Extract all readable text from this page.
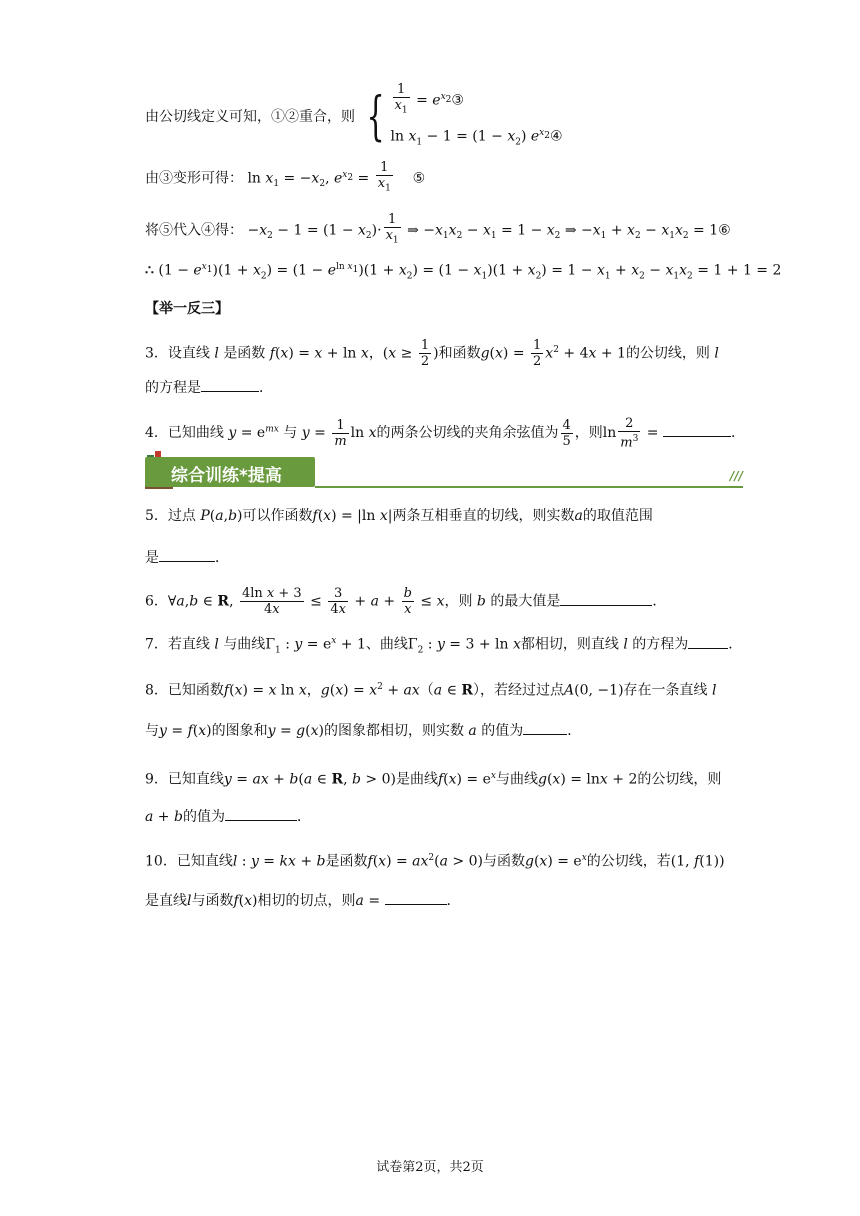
由公切线定义可知，①②重合，则 { $\frac{1}{x_1}$ = $e^{x_2}③$
$\ln x_1 - 1 = (1 - x_2)$ $e^{x_2}④$
由③变形可得： $\ln x_1 = -x_2$, $e^{x_2} = \frac{1}{x_1}$ ⑤
将⑤代入④得： $-x_2 - 1 = (1 - x_2)\cdot \frac{1}{x_1}$ ⇒ $-x_1x_2 - x_1 = 1 - x_2$ ⇒ $-x_1 + x_2 - x_1x_2$ = 1⑥
∴ $(1 - e^{x_1})(1 + x_2) = (1 - e^{ln x_1})(1 + x_2) = (1 - x_1)(1 + x_2) = 1 - x_1 + x_2 - x_1x_2 = 1 + 1 = 2$
【举一反三】
3．设直线 l 是函数 f(x) = x + ln x，($x \ge \frac{1}{2}$ )和函数$g(x) = \frac{1}{2} x^2 + 4x + 1$的公切线，则 l
的方程是	．
4．已知曲线 $y = e^{mx}$ 与 $y = \frac{1}{m}$ ln x的两条公切线的夹角余弦值为 $\frac{4}{5}$ ，则$\ln \frac{2}{m^3}$ =	．
综合训练*提高	///
5．过点 P(a,b)可以作函数f(x) = |ln x|两条互相垂直的切线，则实数a的取值范围
是	．
6．∀a,b ∈ R, $\frac{\text{4ln x + 3}}{4x} \le \frac{3}{4x} + a + \frac{b}{x} \le x$，则 b 的最大值是	．
7．若直线 l 与曲线$\Gamma_1$ : $y = e^x + 1$、曲线$\Gamma_2$ : y = 3 + ln x都相切，则直线 l 的方程为	．
8．已知函数f(x) = x ln x，$g(x) = x^2 + ax(a$ ∈ R），若经过过点A(0, −1)存在一条直线 l
与y = f(x)的图象和y = g(x)的图象都相切，则实数 a 的值为	．
9．已知直线y = ax + b(a ∈ R, b > 0)是曲线$f(x) = e^x$与曲线g(x) = lnx + 2的公切线，则
a + b的值为	．
10．已知直线l : y = kx + b是函数$f(x) = ax^2(a > 0)$与函数$g(x) = e^x$的公切线，若(1, f(1))
是直线l与函数f(x)相切的切点，则a =	．
试卷第2页，共2页
